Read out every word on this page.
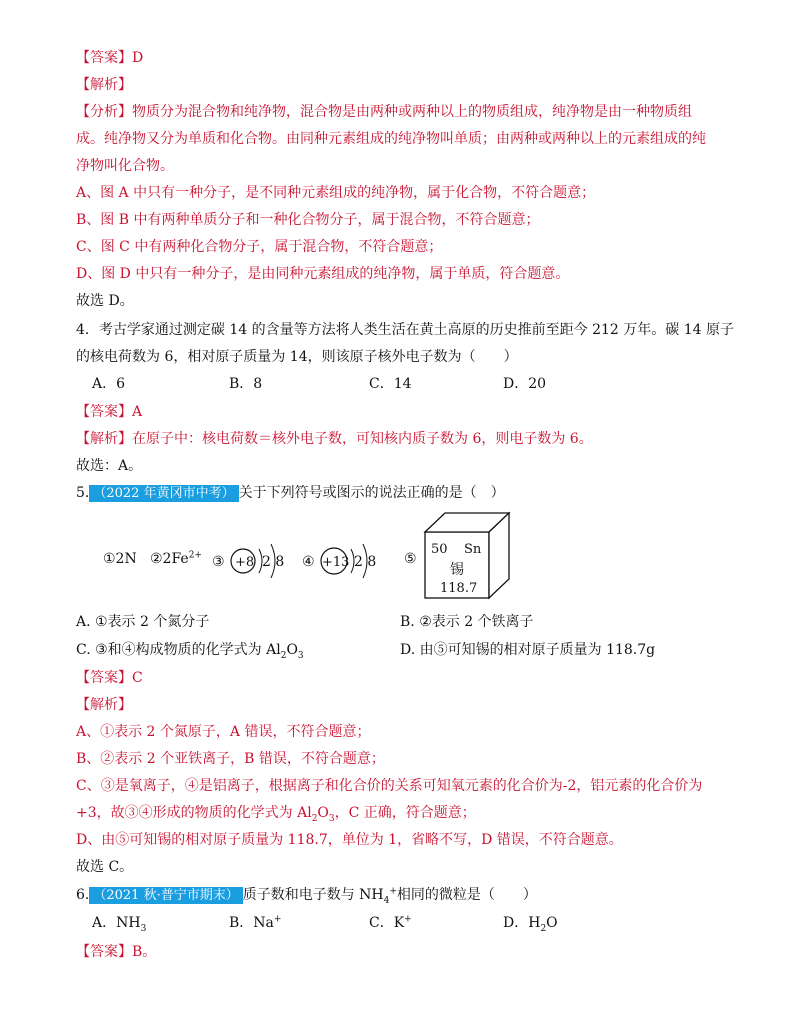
【答案】D
【解析】
【分析】物质分为混合物和纯净物，混合物是由两种或两种以上的物质组成，纯净物是由一种物质组
成。纯净物又分为单质和化合物。由同种元素组成的纯净物叫单质；由两种或两种以上的元素组成的纯
净物叫化合物。
A、图 A 中只有一种分子，是不同种元素组成的纯净物，属于化合物，不符合题意；
B、图 B 中有两种单质分子和一种化合物分子，属于混合物，不符合题意；
C、图 C 中有两种化合物分子，属于混合物，不符合题意；
D、图 D 中只有一种分子，是由同种元素组成的纯净物，属于单质，符合题意。
故选 D。
4．考古学家通过测定碳 14 的含量等方法将人类生活在黄土高原的历史推前至距今 212 万年。碳 14 原子
的核电荷数为 6，相对原子质量为 14，则该原子核外电子数为（　　）
A．6	B．8	C．14	D．20
【答案】A
【解析】在原子中：核电荷数＝核外电子数，可知核内质子数为 6，则电子数为 6。
故选：A。
5. （2022 年黄冈市中考） 关于下列符号或图示的说法正确的是（　）
①2N $②2Fe^{2+}$ ③ +8 2 8 ④ +13 2 8 ⑤
50 Sn
锡
118.7
A. ①表示 2 个氮分子	B. ②表示 2 个铁离子
C. ③和④构成物质的化学式为 $Al_2O_3$	D. 由⑤可知锡的相对原子质量为 118.7g
【答案】C
【解析】
A、①表示 2 个氮原子，A 错误，不符合题意；
B、②表示 2 个亚铁离子，B 错误，不符合题意；
C、③是氧离子，④是铝离子，根据离子和化合价的关系可知氧元素的化合价为-2，铝元素的化合价为
+3，故③④形成的物质的化学式为 $Al_2O_3$，C 正确，符合题意；
D、由⑤可知锡的相对原子质量为 118.7，单位为 1，省略不写，D 错误，不符合题意。
故选 C。
6. （2021 秋·普宁市期末） 质子数和电子数与 $NH_4^+$相同的微粒是（　　）
A．$NH_3$	B．Na+	C．K+	D．$H_2O$
【答案】B。
